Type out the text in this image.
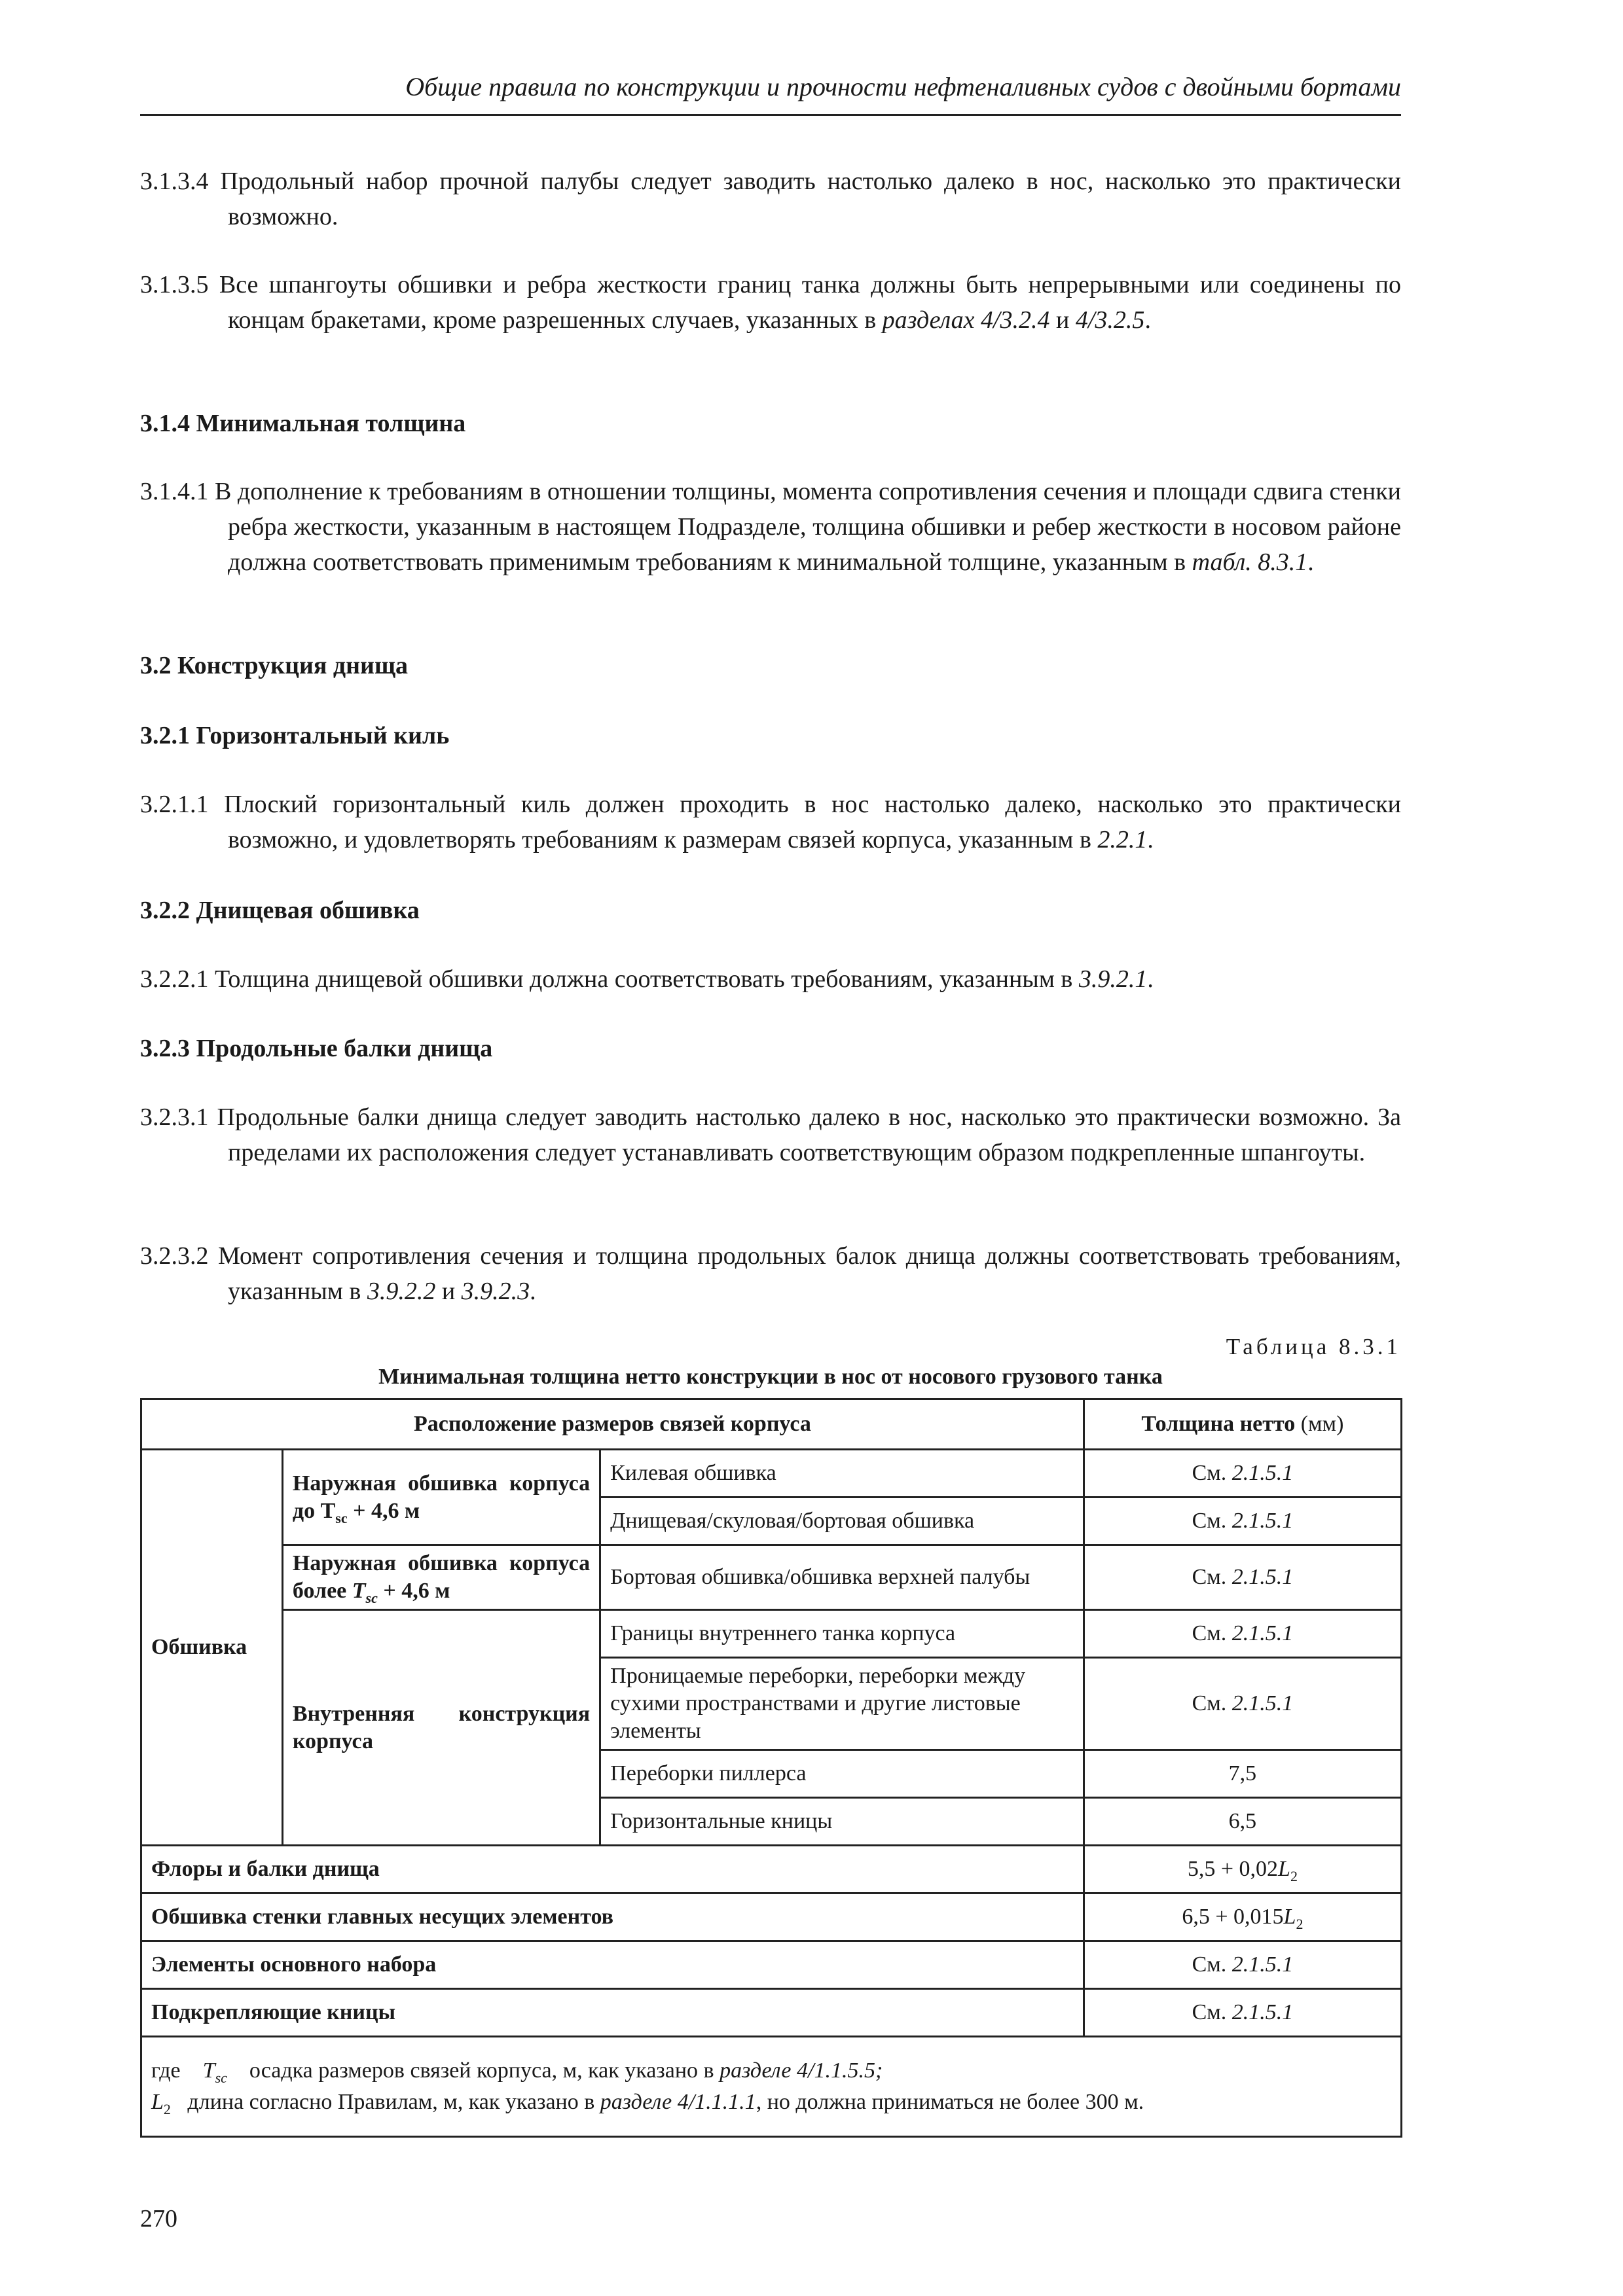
Общие правила по конструкции и прочности нефтеналивных судов с двойными бортами

3.1.3.4 Продольный набор прочной палубы следует заводить настолько далеко в нос, насколько это практически возможно.

3.1.3.5 Все шпангоуты обшивки и ребра жесткости границ танка должны быть непрерывными или соединены по концам бракетами, кроме разрешенных случаев, указанных в разделах 4/3.2.4 и 4/3.2.5.

3.1.4 Минимальная толщина

3.1.4.1 В дополнение к требованиям в отношении толщины, момента сопротивления сечения и площади сдвига стенки ребра жесткости, указанным в настоящем Подразделе, толщина обшивки и ребер жесткости в носовом районе должна соответствовать применимым требованиям к минимальной толщине, указанным в табл. 8.3.1.

3.2 Конструкция днища
3.2.1 Горизонтальный киль

3.2.1.1 Плоский горизонтальный киль должен проходить в нос настолько далеко, насколько это практически возможно, и удовлетворять требованиям к размерам связей корпуса, указанным в 2.2.1.

3.2.2 Днищевая обшивка

3.2.2.1 Толщина днищевой обшивки должна соответствовать требованиям, указанным в 3.9.2.1.

3.2.3 Продольные балки днища

3.2.3.1 Продольные балки днища следует заводить настолько далеко в нос, насколько это практически возможно. За пределами их расположения следует устанавливать соответствующим образом подкрепленные шпангоуты.

3.2.3.2 Момент сопротивления сечения и толщина продольных балок днища должны соответствовать требованиям, указанным в 3.9.2.2 и 3.9.2.3.

Таблица 8.3.1
Минимальная толщина нетто конструкции в нос от носового грузового танка
Расположение размеров связей корпуса			Толщина нетто (мм)
Обшивка	Наружная обшивка корпуса до $T_{sc} + 4,6$ м	Килевая обшивка	См. 2.1.5.1
		Днищевая/скуловая/бортовая обшивка	См. 2.1.5.1
	Наружная обшивка корпуса более $T_{sc} + 4,6$ м	Бортовая обшивка/обшивка верхней палубы	См. 2.1.5.1
	Внутренняя конструкция корпуса	Границы внутреннего танка корпуса	См. 2.1.5.1
		Проницаемые переборки, переборки между сухими пространствами и другие листовые элементы	См. 2.1.5.1
		Переборки пиллерса	7,5
		Горизонтальные кницы	6,5
Флоры и балки днища			$5,5 + 0,02L_2$
Обшивка стенки главных несущих элементов			$6,5 + 0,015L_2$
Элементы основного набора			См. 2.1.5.1
Подкрепляющие кницы			См. 2.1.5.1

где $T_{sc}$ осадка размеров связей корпуса, м, как указано в разделе 4/1.1.5.5;
$L_2$ длина согласно Правилам, м, как указано в разделе 4/1.1.1.1, но должна приниматься не более 300 м.			
270
